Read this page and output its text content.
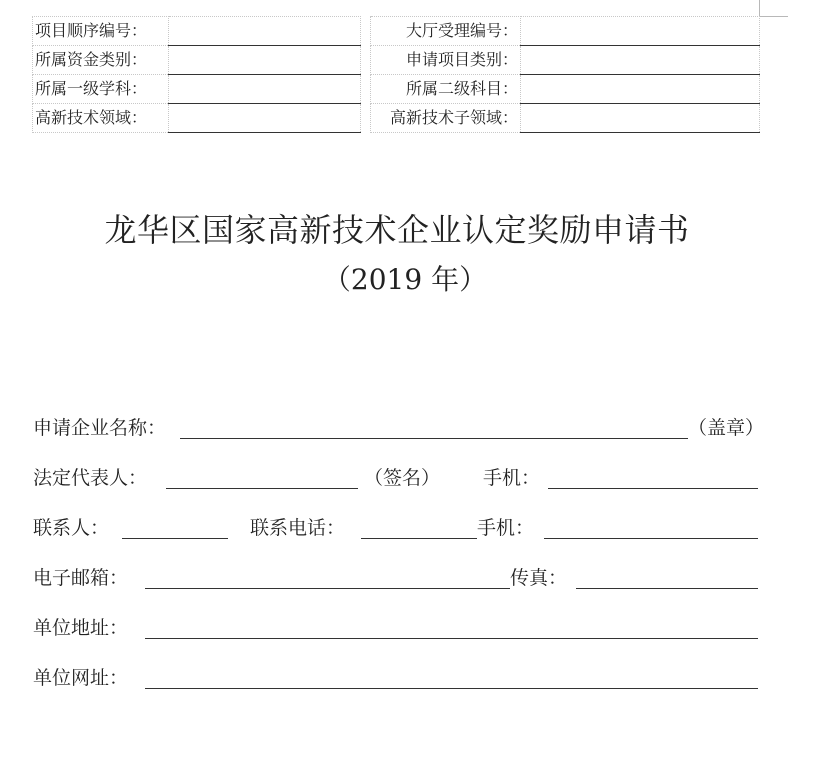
项目顺序编号：			大厅受理编号：	
所属资金类别：			申请项目类别：	
所属一级学科：			所属二级科目：	
高新技术领域：			高新技术子领域：	
龙华区国家高新技术企业认定奖励申请书
（2019 年）
申请企业名称：	（盖章）
法定代表人：	（签名） 手机：
联系人：	联系电话：	手机：
电子邮箱：	传真：
单位地址：
单位网址：
